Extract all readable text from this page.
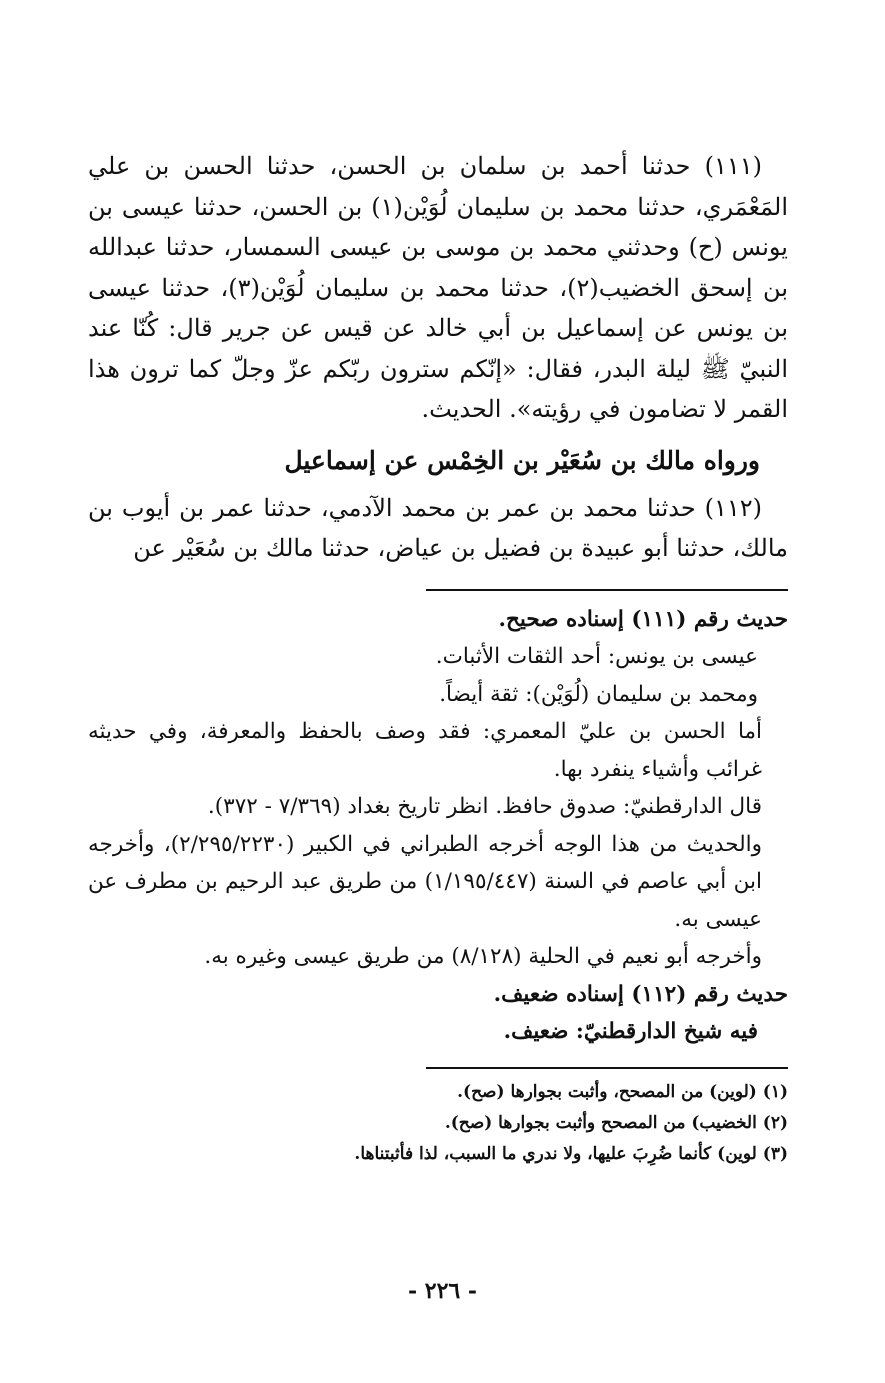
(١١١) حدثنا أحمد بن سلمان بن الحسن، حدثنا الحسن بن علي المَعْمَري، حدثنا محمد بن سليمان لُوَيْن(١) بن الحسن، حدثنا عيسى بن يونس (ح) وحدثني محمد بن موسى بن عيسى السمسار، حدثنا عبدالله بن إسحق الخضيب(٢)، حدثنا محمد بن سليمان لُوَيْن(٣)، حدثنا عيسى بن يونس عن إسماعيل بن أبي خالد عن قيس عن جرير قال: كُنّا عند النبيّ ﷺ ليلة البدر، فقال: «إنّكم سترون ربّكم عزّ وجلّ كما ترون هذا القمر لا تضامون في رؤيته». الحديث.

ورواه مالك بن سُعَيْر بن الخِمْس عن إسماعيل

(١١٢) حدثنا محمد بن عمر بن محمد الآدمي، حدثنا عمر بن أيوب بن مالك، حدثنا أبو عبيدة بن فضيل بن عياض، حدثنا مالك بن سُعَيْر عن

حديث رقم (١١١) إسناده صحيح.

عيسى بن يونس: أحد الثقات الأثبات.

ومحمد بن سليمان (لُوَيْن): ثقة أيضاً.

أما الحسن بن عليّ المعمري: فقد وصف بالحفظ والمعرفة، وفي حديثه غرائب وأشياء ينفرد بها.

قال الدارقطنيّ: صدوق حافظ. انظر تاريخ بغداد (٧/٣٦٩ - ٣٧٢).

والحديث من هذا الوجه أخرجه الطبراني في الكبير (٢/٢٩٥/٢٢٣٠)، وأخرجه ابن أبي عاصم في السنة (١/١٩٥/٤٤٧) من طريق عبد الرحيم بن مطرف عن عيسى به.

وأخرجه أبو نعيم في الحلية (٨/١٢٨) من طريق عيسى وغيره به.

حديث رقم (١١٢) إسناده ضعيف.

فيه شيخ الدارقطنيّ: ضعيف.

(١) (لوين) من المصحح، وأثبت بجوارها (صح).

(٢) الخضيب) من المصحح وأثبت بجوارها (صح).

(٣) لوين) كأنما ضُرِبَ عليها، ولا ندري ما السبب، لذا فأثبتناها.

- ٢٢٦ -
